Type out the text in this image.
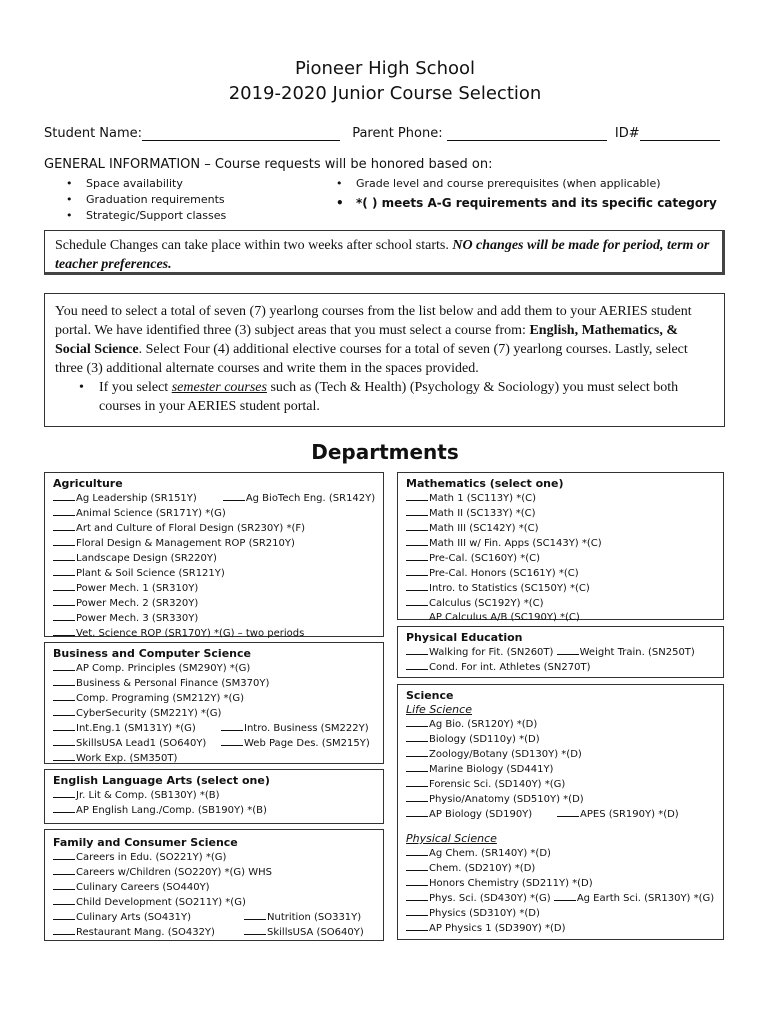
Pioneer High School
2019-2020 Junior Course Selection
Student Name:	Parent Phone:	ID#
GENERAL INFORMATION – Course requests will be honored based on:
• Space availability
• Graduation requirements
• Strategic/Support classes
• Grade level and course prerequisites (when applicable)
• *( ) meets A-G requirements and its specific category
Schedule Changes can take place within two weeks after school starts. NO changes will be made for period, term or teacher preferences.
You need to select a total of seven (7) yearlong courses from the list below and add them to your AERIES student portal. We have identified three (3) subject areas that you must select a course from: English, Mathematics, & Social Science. Select Four (4) additional elective courses for a total of seven (7) yearlong courses. Lastly, select three (3) additional alternate courses and write them in the spaces provided.
• If you select semester courses such as (Tech & Health) (Psychology & Sociology) you must select both courses in your AERIES student portal.
Departments
Agriculture
Ag Leadership (SR151Y)	Ag BioTech Eng. (SR142Y)
Animal Science (SR171Y) *(G)
Art and Culture of Floral Design (SR230Y) *(F)
Floral Design & Management ROP (SR210Y)
Landscape Design (SR220Y)
Plant & Soil Science (SR121Y)
Power Mech. 1 (SR310Y)
Power Mech. 2 (SR320Y)
Power Mech. 3 (SR330Y)
Vet. Science ROP (SR170Y) *(G) – two periods
Business and Computer Science
AP Comp. Principles (SM290Y) *(G)
Business & Personal Finance (SM370Y)
Comp. Programing (SM212Y) *(G)
CyberSecurity (SM221Y) *(G)
Int.Eng.1 (SM131Y) *(G)	Intro. Business (SM222Y)
SkillsUSA Lead1 (SO640Y)	Web Page Des. (SM215Y)
Work Exp. (SM350T)
English Language Arts (select one)
Jr. Lit & Comp. (SB130Y) *(B)
AP English Lang./Comp. (SB190Y) *(B)
Family and Consumer Science
Careers in Edu. (SO221Y) *(G)
Careers w/Children (SO220Y) *(G) WHS
Culinary Careers (SO440Y)
Child Development (SO211Y) *(G)
Culinary Arts (SO431Y)	Nutrition (SO331Y)
Restaurant Mang. (SO432Y)	SkillsUSA (SO640Y)
Mathematics (select one)
Math 1 (SC113Y) *(C)
Math II (SC133Y) *(C)
Math III (SC142Y) *(C)
Math III w/ Fin. Apps (SC143Y) *(C)
Pre-Cal. (SC160Y) *(C)
Pre-Cal. Honors (SC161Y) *(C)
Intro. to Statistics (SC150Y) *(C)
Calculus (SC192Y) *(C)
AP Calculus A/B (SC190Y) *(C)
Physical Education
Walking for Fit. (SN260T)	Weight Train. (SN250T)
Cond. For int. Athletes (SN270T)
Science
Life Science
Ag Bio. (SR120Y) *(D)
Biology (SD110y) *(D)
Zoology/Botany (SD130Y) *(D)
Marine Biology (SD441Y)
Forensic Sci. (SD140Y) *(G)
Physio/Anatomy (SD510Y) *(D)
AP Biology (SD190Y)	APES (SR190Y) *(D)
Physical Science
Ag Chem. (SR140Y) *(D)
Chem. (SD210Y) *(D)
Honors Chemistry (SD211Y) *(D)
Phys. Sci. (SD430Y) *(G)	Ag Earth Sci. (SR130Y) *(G)
Physics (SD310Y) *(D)
AP Physics 1 (SD390Y) *(D)
